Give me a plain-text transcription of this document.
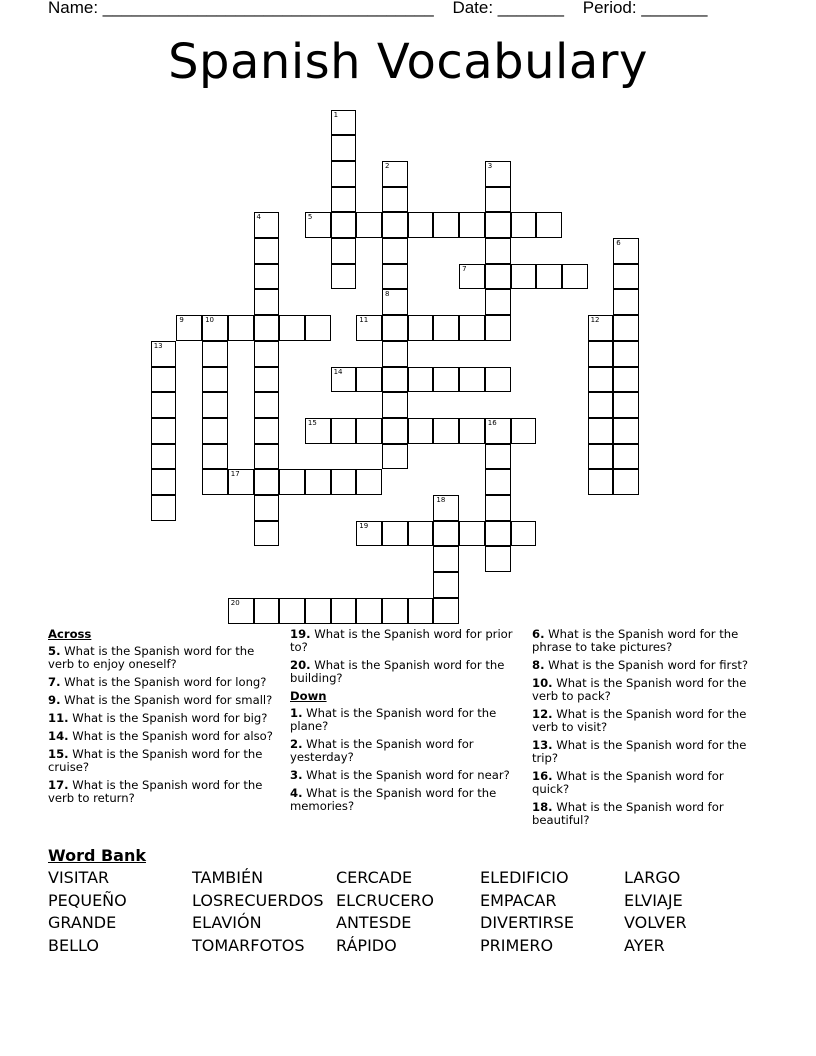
Name: ___________________________________ Date: _______ Period: _______
Spanish Vocabulary
1
2	3
4	5
6
7
8
9	10	11	12
13
14
15	16
17
18
19
20
Across
5. What is the Spanish word for the verb to enjoy oneself?
7. What is the Spanish word for long?
9. What is the Spanish word for small?
11. What is the Spanish word for big?
14. What is the Spanish word for also?
15. What is the Spanish word for the cruise?
17. What is the Spanish word for the verb to return?
19. What is the Spanish word for prior to?
20. What is the Spanish word for the building?
Down
1. What is the Spanish word for the plane?
2. What is the Spanish word for yesterday?
3. What is the Spanish word for near?
4. What is the Spanish word for the memories?
6. What is the Spanish word for the phrase to take pictures?
8. What is the Spanish word for first?
10. What is the Spanish word for the verb to pack?
12. What is the Spanish word for the verb to visit?
13. What is the Spanish word for the trip?
16. What is the Spanish word for quick?
18. What is the Spanish word for beautiful?
Word Bank
VISITAR	TAMBIÉN	CERCADE	ELEDIFICIO	LARGO
PEQUEÑO	LOSRECUERDOS ELCRUCERO	EMPACAR	ELVIAJE
GRANDE	ELAVIÓN	ANTESDE	DIVERTIRSE	VOLVER
BELLO	TOMARFOTOS	RÁPIDO	PRIMERO	AYER
